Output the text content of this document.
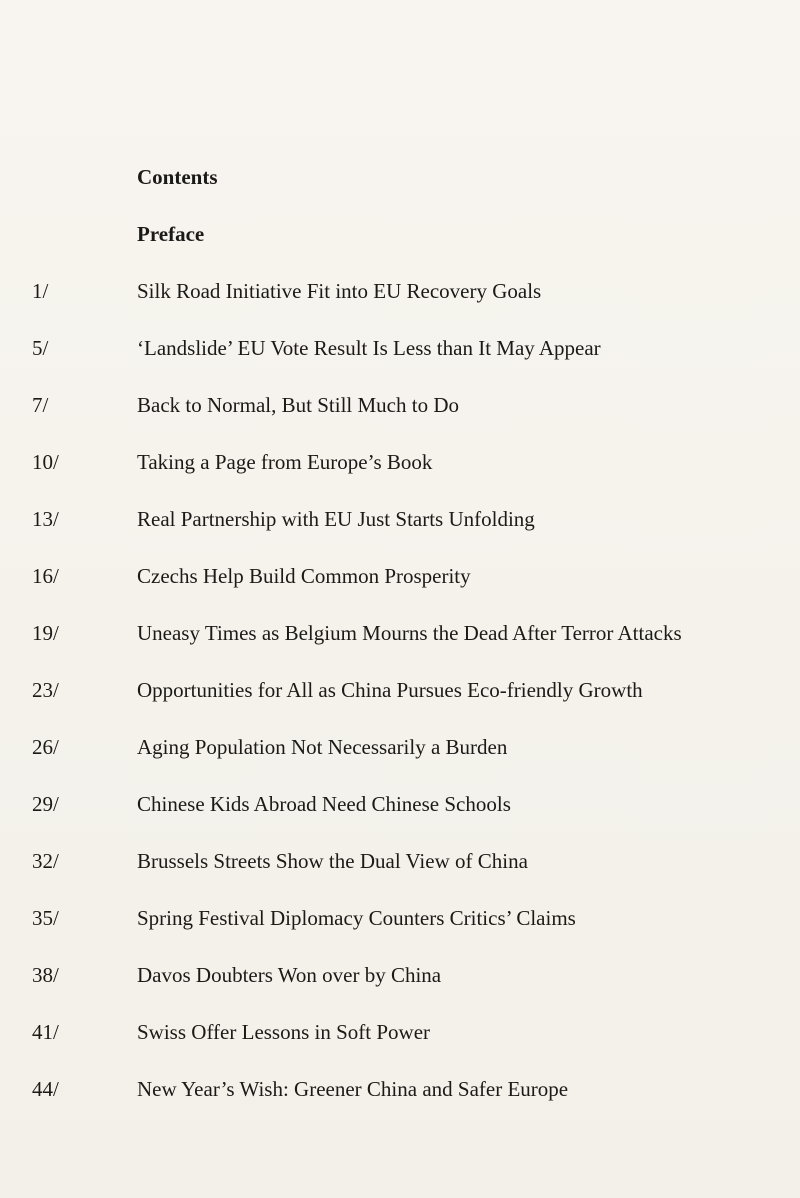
Contents
Preface
1/	Silk Road Initiative Fit into EU Recovery Goals
5/	‘Landslide’ EU Vote Result Is Less than It May Appear
7/	Back to Normal, But Still Much to Do
10/	Taking a Page from Europe’s Book
13/	Real Partnership with EU Just Starts Unfolding
16/	Czechs Help Build Common Prosperity
19/	Uneasy Times as Belgium Mourns the Dead After Terror Attacks
23/	Opportunities for All as China Pursues Eco-friendly Growth
26/	Aging Population Not Necessarily a Burden
29/	Chinese Kids Abroad Need Chinese Schools
32/	Brussels Streets Show the Dual View of China
35/	Spring Festival Diplomacy Counters Critics’ Claims
38/	Davos Doubters Won over by China
41/	Swiss Offer Lessons in Soft Power
44/	New Year’s Wish: Greener China and Safer Europe
